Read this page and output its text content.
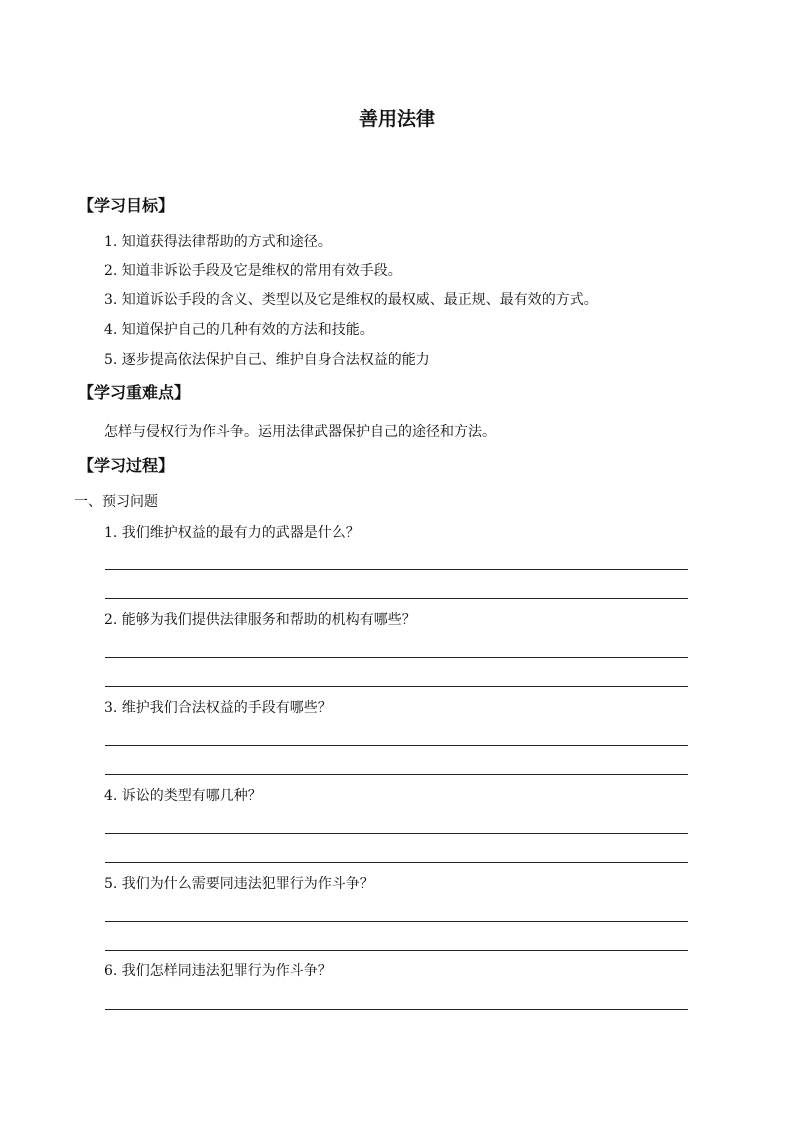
善用法律
【学习目标】
1. 知道获得法律帮助的方式和途径。
2. 知道非诉讼手段及它是维权的常用有效手段。
3. 知道诉讼手段的含义、类型以及它是维权的最权威、最正规、最有效的方式。
4. 知道保护自己的几种有效的方法和技能。
5. 逐步提高依法保护自己、维护自身合法权益的能力
【学习重难点】
怎样与侵权行为作斗争。运用法律武器保护自己的途径和方法。
【学习过程】
一、预习问题
1. 我们维护权益的最有力的武器是什么？
2. 能够为我们提供法律服务和帮助的机构有哪些？
3. 维护我们合法权益的手段有哪些？
4. 诉讼的类型有哪几种？
5. 我们为什么需要同违法犯罪行为作斗争？
6. 我们怎样同违法犯罪行为作斗争？
